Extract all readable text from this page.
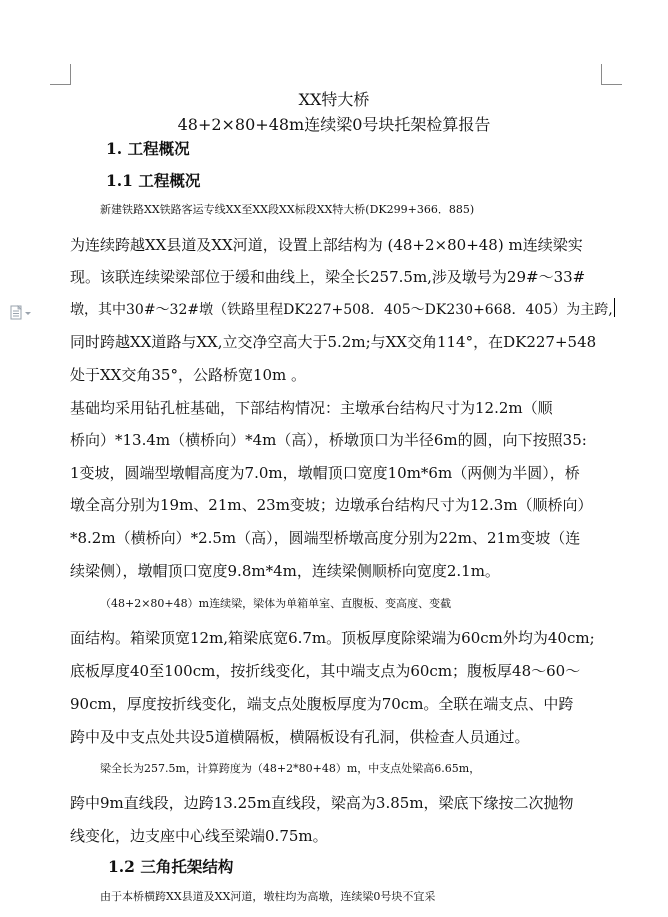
XX特大桥
48+2×80+48m连续梁0号块托架检算报告
1. 工程概况
1.1 工程概况
新建铁路XX铁路客运专线XX至XX段XX标段XX特大桥(DK299+366．885)
为连续跨越XX县道及XX河道，设置上部结构为 (48+2×80+48) m连续梁实
现。该联连续梁梁部位于缓和曲线上，梁全长257.5m,涉及墩号为29#～33#
墩，其中30#～32#墩（铁路里程DK227+508．405～DK230+668．405）为主跨,
同时跨越XX道路与XX,立交净空高大于5.2m;与XX交角114°，在DK227+548
处于XX交角35°，公路桥宽10m 。
基础均采用钻孔桩基础，下部结构情况：主墩承台结构尺寸为12.2m（顺
桥向）*13.4m（横桥向）*4m（高），桥墩顶口为半径6m的圆，向下按照35:
1变坡，圆端型墩帽高度为7.0m，墩帽顶口宽度10m*6m（两侧为半圆），桥
墩全高分别为19m、21m、23m变坡；边墩承台结构尺寸为12.3m（顺桥向）
*8.2m（横桥向）*2.5m（高），圆端型桥墩高度分别为22m、21m变坡（连
续梁侧），墩帽顶口宽度9.8m*4m，连续梁侧顺桥向宽度2.1m。
（48+2×80+48）m连续梁，梁体为单箱单室、直腹板、变高度、变截
面结构。箱梁顶宽12m,箱梁底宽6.7m。顶板厚度除梁端为60cm外均为40cm;
底板厚度40至100cm，按折线变化，其中端支点为60cm；腹板厚48～60～
90cm，厚度按折线变化，端支点处腹板厚度为70cm。全联在端支点、中跨
跨中及中支点处共设5道横隔板，横隔板设有孔洞，供检查人员通过。
梁全长为257.5m，计算跨度为（48+2*80+48）m，中支点处梁高6.65m，
跨中9m直线段，边跨13.25m直线段，梁高为3.85m，梁底下缘按二次抛物
线变化，边支座中心线至梁端0.75m。
1.2 三角托架结构
由于本桥横跨XX县道及XX河道，墩柱均为高墩，连续梁0号块不宜采
